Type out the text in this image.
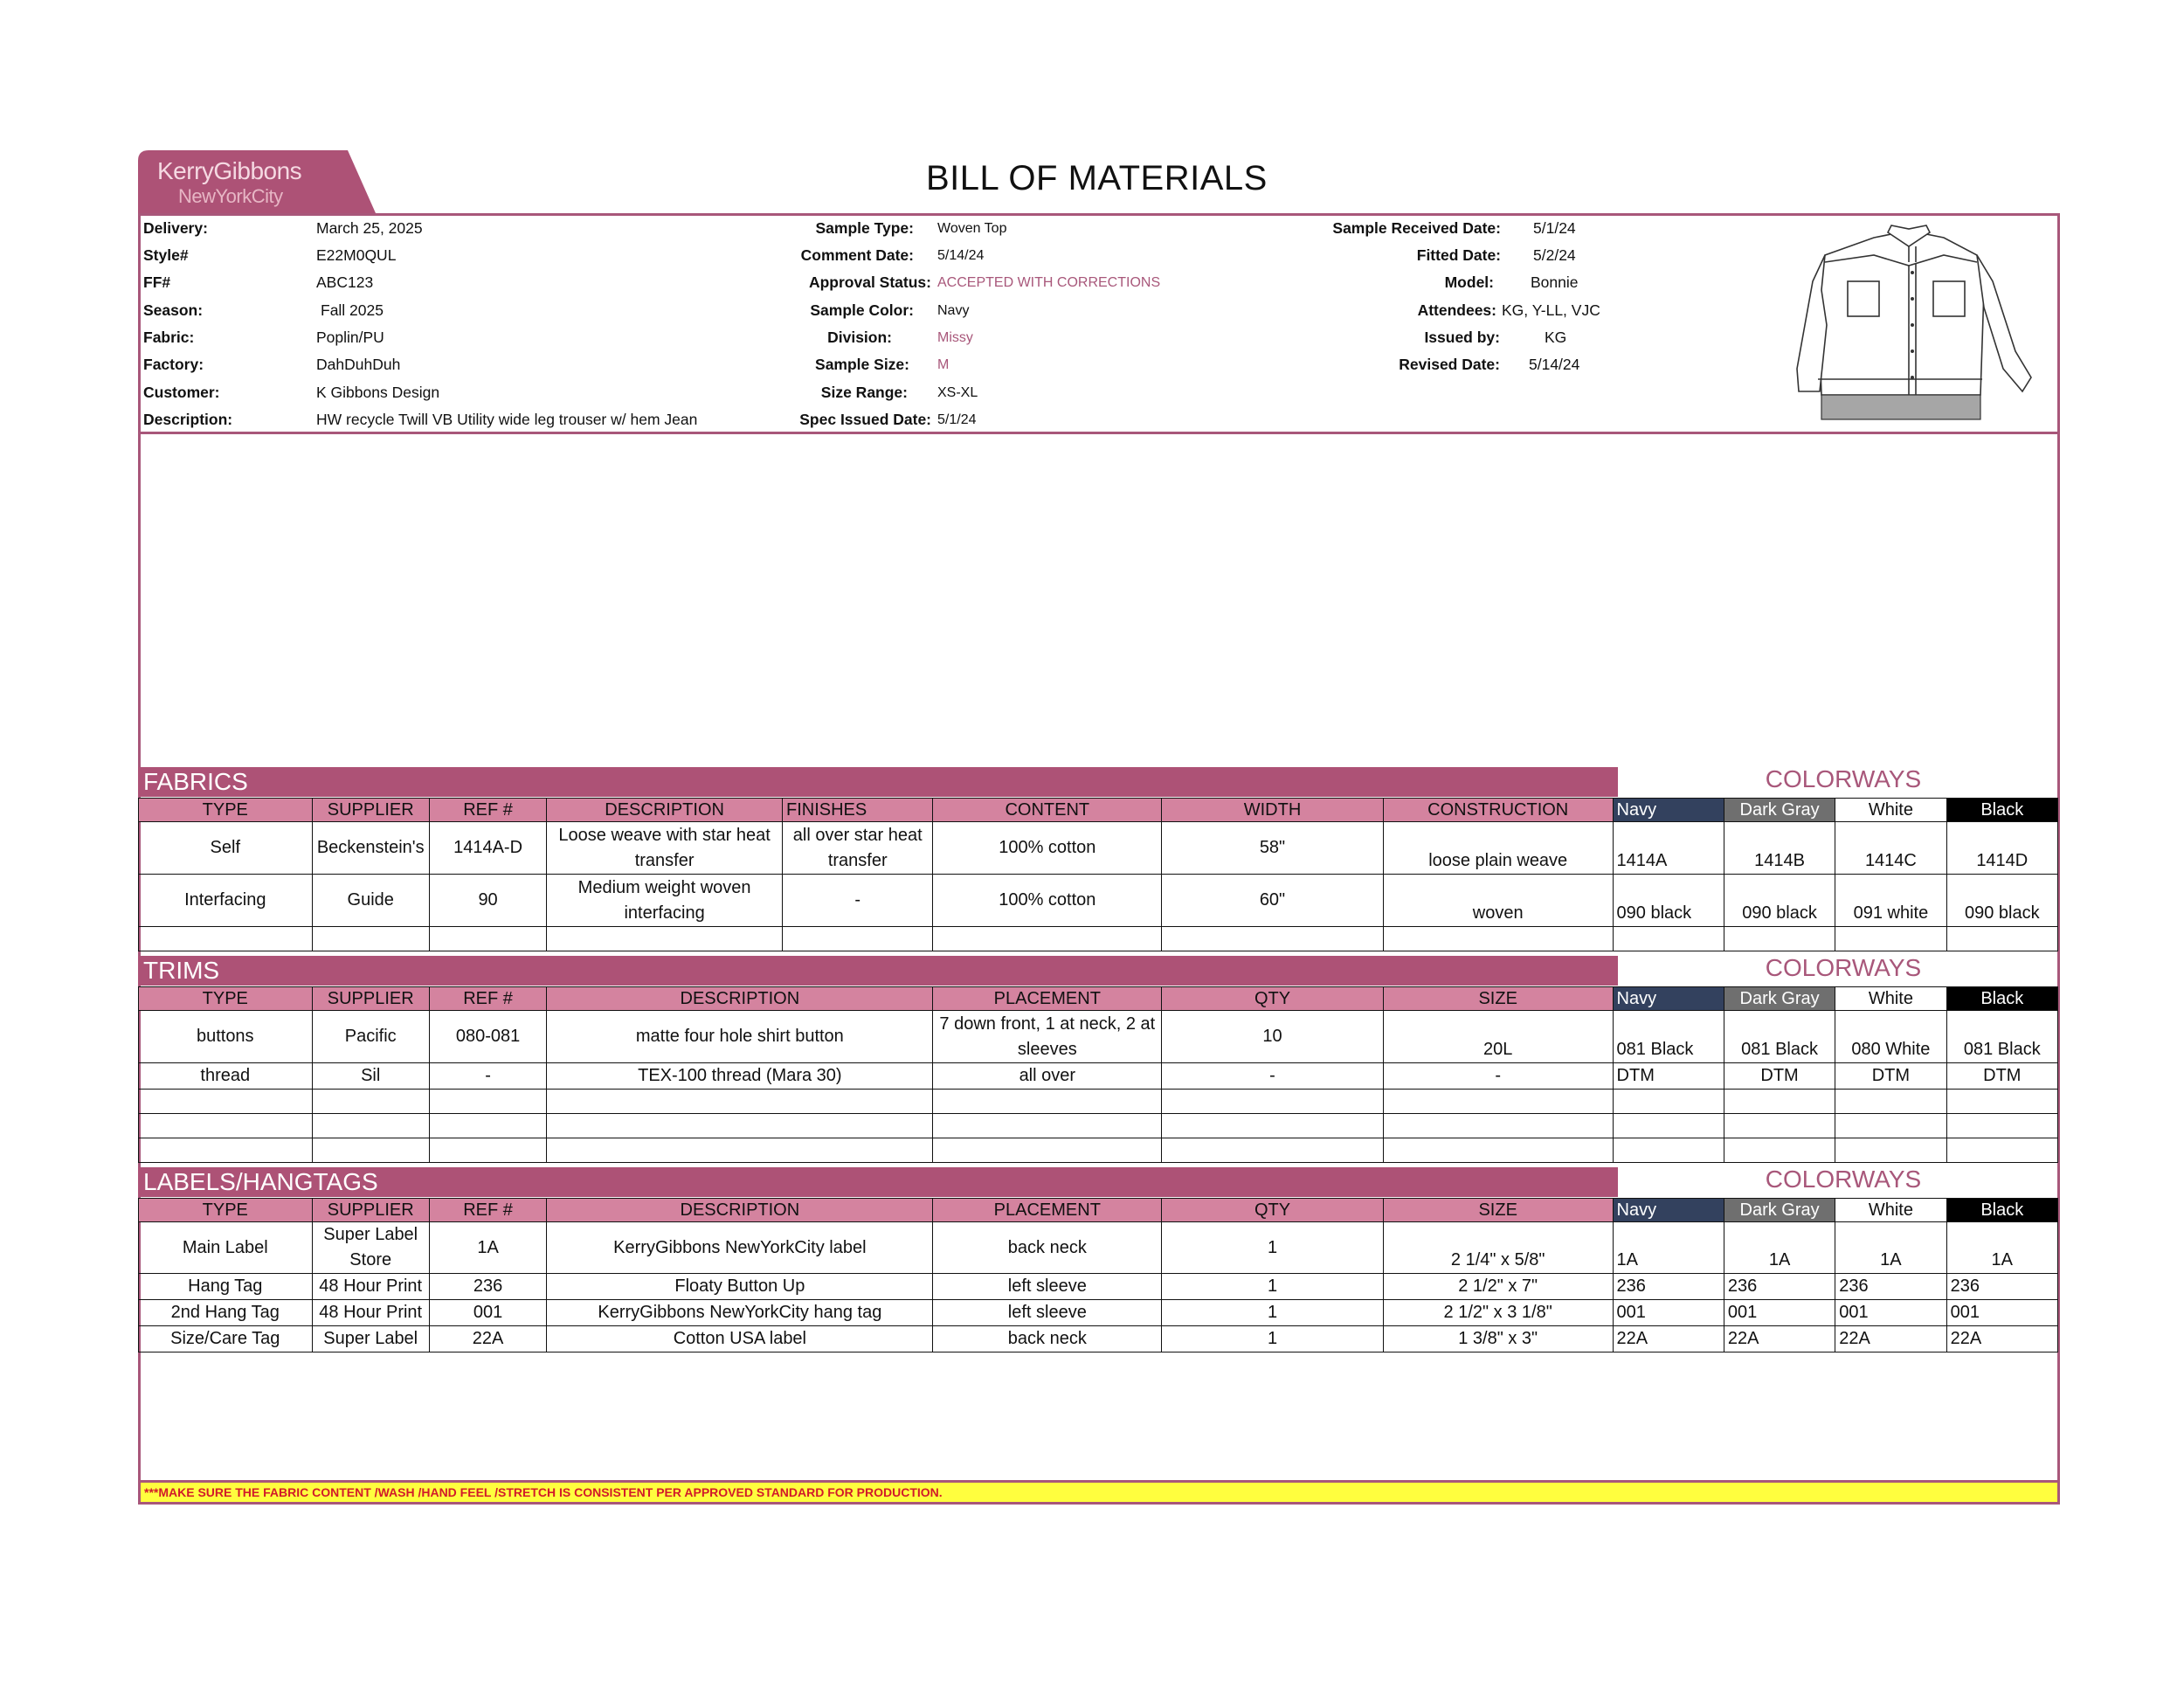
KerryGibbons
NewYorkCity	BILL OF MATERIALS
Delivery:	March 25, 2025
Style#	E22M0QUL
FF#	ABC123
Season:	Fall 2025
Fabric:	Poplin/PU
Factory:	DahDuhDuh
Customer:	K Gibbons Design
Description:	HW recycle Twill VB Utility wide leg trouser w/ hem Jean
Sample Type: Woven Top
Comment Date: 5/14/24
Approval Status: ACCEPTED WITH CORRECTIONS
Sample Color: Navy
Division:	Missy
Sample Size: M
Size Range: XS-XL
Spec Issued Date: 5/1/24
Sample Received Date: 5/1/24
Fitted Date: 5/2/24
Model: Bonnie
Attendees: KG, Y-LL, VJC
Issued by:	KG
Revised Date: 5/14/24
FABRICS	COLORWAYS
TYPE	SUPPLIER	REF #	DESCRIPTION	FINISHES	CONTENT	WIDTH	CONSTRUCTION	Navy	Dark Gray	White	Black
Self	Beckenstein's	1414A-D	Loose weave with star heat transfer	all over star heat transfer	100% cotton	58"	loose plain weave	1414A	1414B	1414C	1414D
Interfacing	Guide	90	Medium weight woven interfacing	-	100% cotton	60"	woven	090 black	090 black	091 white	090 black

TRIMS	COLORWAYS
TYPE	SUPPLIER	REF #	DESCRIPTION	PLACEMENT	QTY	SIZE	Navy	Dark Gray	White	Black
buttons	Pacific	080-081	matte four hole shirt button	7 down front, 1 at neck, 2 at sleeves	10	20L	081 Black	081 Black	080 White	081 Black
thread	Sil	-	TEX-100 thread (Mara 30)	all over	-	-	DTM	DTM	DTM	DTM

LABELS/HANGTAGS	COLORWAYS
TYPE	SUPPLIER	REF #	DESCRIPTION	PLACEMENT	QTY	SIZE	Navy	Dark Gray	White	Black
Main Label	Super Label Store	1A	KerryGibbons NewYorkCity label	back neck	1	2 1/4" x 5/8"	1A	1A	1A	1A
Hang Tag	48 Hour Print	236	Floaty Button Up	left sleeve	1	2 1/2" x 7"	236	236	236	236
2nd Hang Tag	48 Hour Print	001	KerryGibbons NewYorkCity hang tag	left sleeve	1	2 1/2" x 3 1/8"	001	001	001	001
Size/Care Tag	Super Label	22A	Cotton USA label	back neck	1	1 3/8" x 3"	22A	22A	22A	22A
***MAKE SURE THE FABRIC CONTENT /WASH /HAND FEEL /STRETCH IS CONSISTENT PER APPROVED STANDARD FOR PRODUCTION.
